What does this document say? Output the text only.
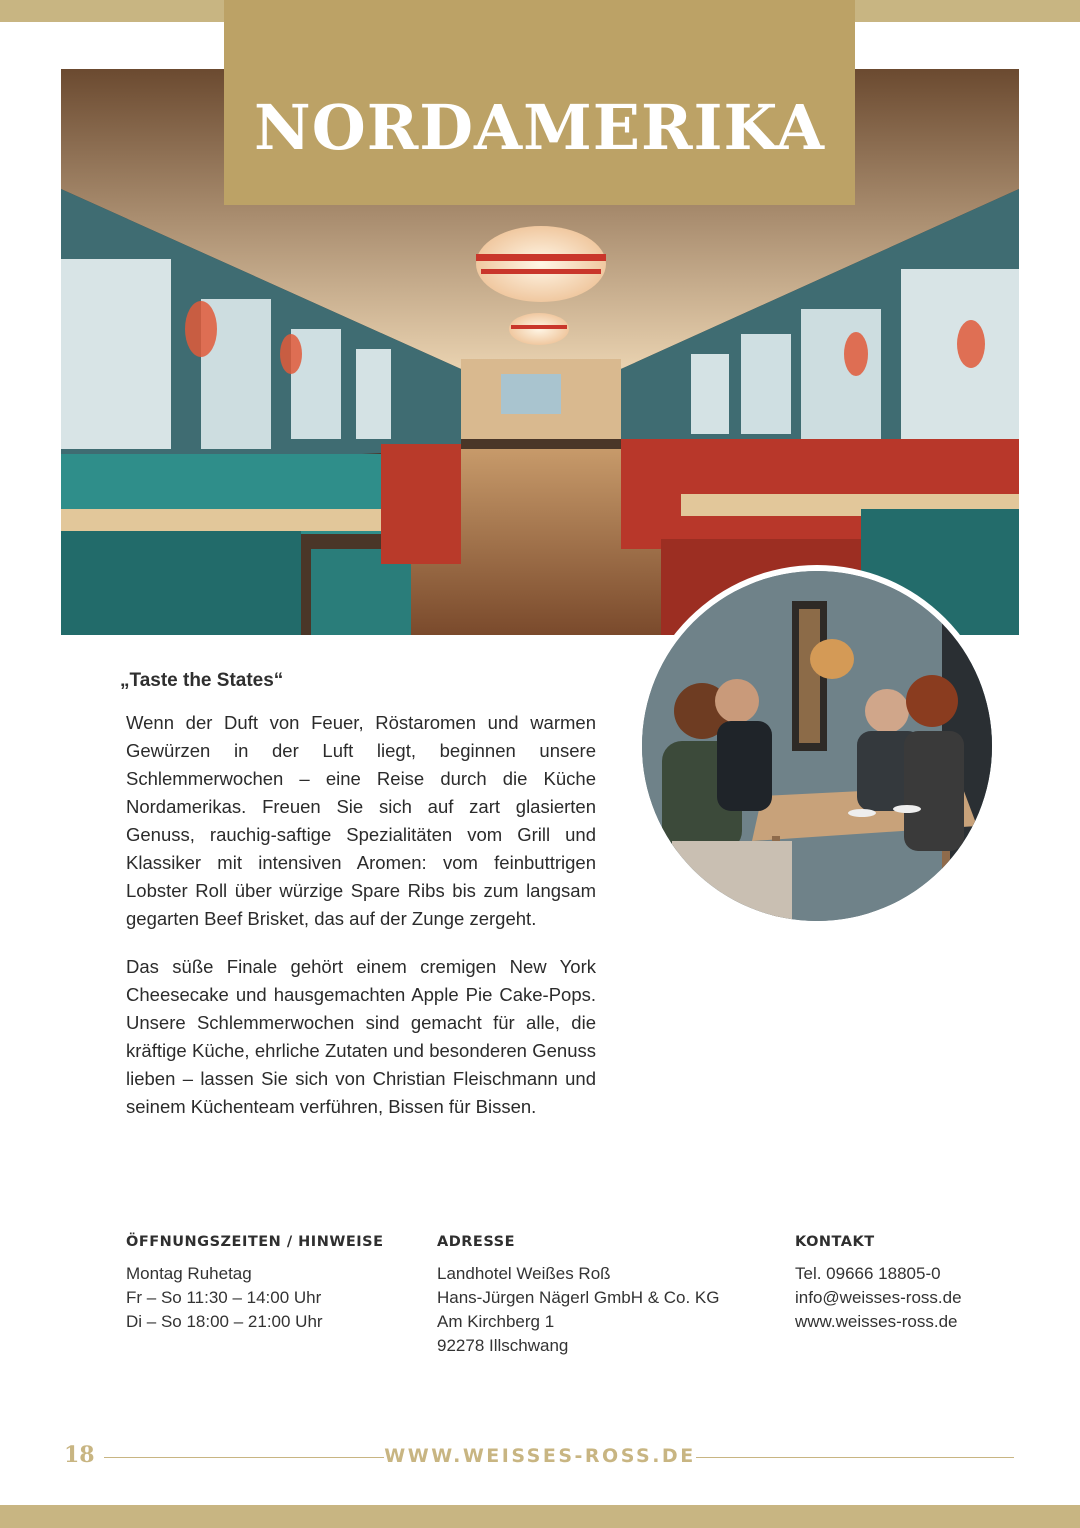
NORDAMERIKA

„Taste the States“

Wenn der Duft von Feuer, Röstaromen und warmen Gewürzen in der Luft liegt, beginnen unsere Schlemmerwochen – eine Reise durch die Küche Nordamerikas. Freuen Sie sich auf zart glasierten Genuss, rauchig-saftige Spezialitäten vom Grill und Klassiker mit intensiven Aromen: vom feinbuttrigen Lobster Roll über würzige Spare Ribs bis zum langsam gegarten Beef Brisket, das auf der Zunge zergeht.

Das süße Finale gehört einem cremigen New York Cheesecake und hausgemachten Apple Pie Cake-Pops. Unsere Schlemmerwochen sind gemacht für alle, die kräftige Küche, ehrliche Zutaten und besonderen Genuss lieben – lassen Sie sich von Christian Fleischmann und seinem Küchenteam verführen, Bissen für Bissen.

ÖFFNUNGSZEITEN / HINWEISE
Montag Ruhetag
Fr – So 11:30 – 14:00 Uhr
Di – So 18:00 – 21:00 Uhr
ADRESSE
Landhotel Weißes Roß
Hans-Jürgen Nägerl GmbH & Co. KG
Am Kirchberg 1
92278 Illschwang
KONTAKT
Tel. 09666 18805-0
info@weisses-ross.de
www.weisses-ross.de
18	WWW.WEISSES-ROSS.DE
